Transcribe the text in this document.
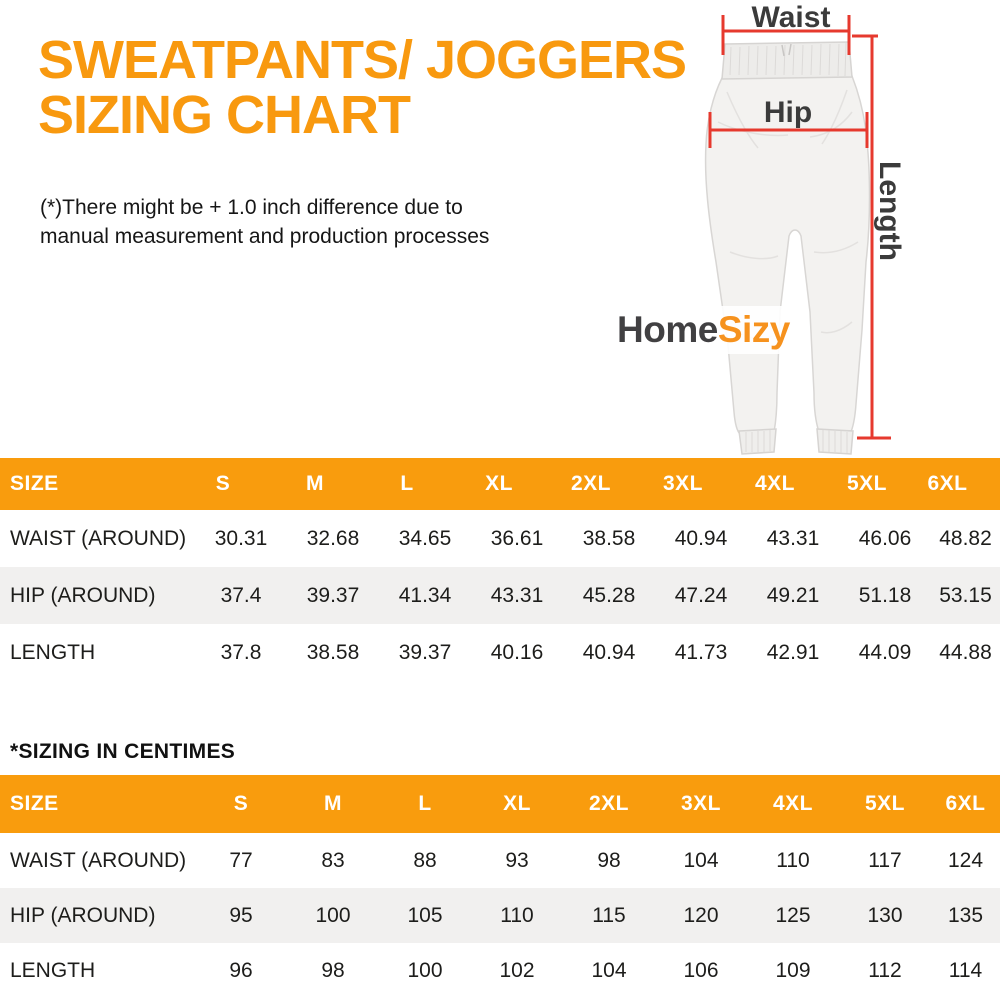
SWEATPANTS/ JOGGERS
SIZING CHART
(*)There might be + 1.0 inch difference due to
manual measurement and production processes
Waist
Hip
Length
HomeSizy
SIZE	S	M	L	XL	2XL	3XL	4XL	5XL	6XL
WAIST (AROUND)	30.31	32.68	34.65	36.61	38.58	40.94	43.31	46.06	48.82
HIP (AROUND)	37.4	39.37	41.34	43.31	45.28	47.24	49.21	51.18	53.15
LENGTH	37.8	38.58	39.37	40.16	40.94	41.73	42.91	44.09	44.88
*SIZING IN CENTIMES
SIZE	S	M	L	XL	2XL	3XL	4XL	5XL	6XL
WAIST (AROUND)	77	83	88	93	98	104	110	117	124
HIP (AROUND)	95	100	105	110	115	120	125	130	135
LENGTH	96	98	100	102	104	106	109	112	114
